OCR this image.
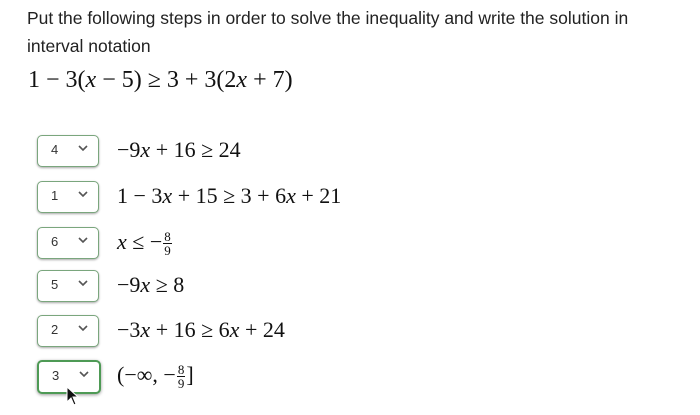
Put the following steps in order to solve the inequality and write the solution in interval notation
1 − 3(x − 5) ≥ 3 + 3(2x + 7)
4	−9x + 16 ≥ 24
1	1 − 3x + 15 ≥ 3 + 6x + 21
6	x ≤ − $\frac{8}{9}$
5	−9x ≥ 8
2	−3x + 16 ≥ 6x + 24
3	(−∞, − $\frac{8}{9}$ ]
